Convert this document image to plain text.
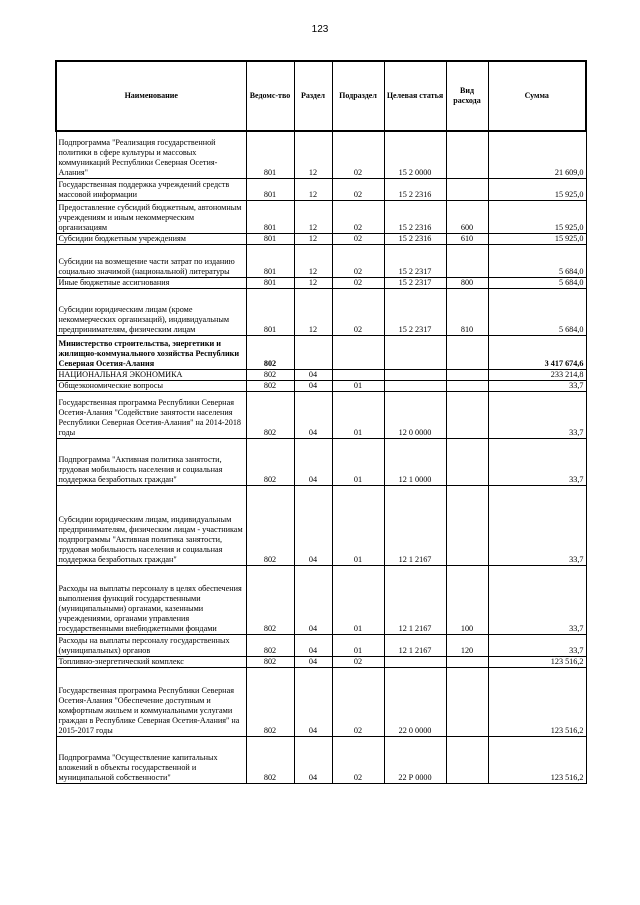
123
Наименование	Ведомс-тво	Раздел	Подраздел	Целевая статья	Вид расхода	Сумма
Подпрограмма "Реализация государственной политики в сфере культуры и массовых коммуникаций Республики Северная Осетия-Алания"	801	12	02	15 2 0000		21 609,0
Государственная поддержка учреждений средств массовой информации	801	12	02	15 2 2316		15 925,0
Предоставление субсидий бюджетным, автономным учреждениям и иным некоммерческим организациям	801	12	02	15 2 2316	600	15 925,0
Субсидии бюджетным учреждениям	801	12	02	15 2 2316	610	15 925,0
Субсидии на возмещение части затрат по изданию социально значимой (национальной) литературы	801	12	02	15 2 2317		5 684,0
Иные бюджетные ассигнования	801	12	02	15 2 2317	800	5 684,0
Субсидии юридическим лицам (кроме некоммерческих организаций), индивидуальным предпринимателям, физическим лицам	801	12	02	15 2 2317	810	5 684,0
Министерство строительства, энергетики и жилищно-коммунального хозяйства Республики Северная Осетия-Алания	802					3 417 674,6
НАЦИОНАЛЬНАЯ ЭКОНОМИКА	802	04				233 214,8
Общеэкономические вопросы	802	04	01			33,7
Государственная программа Республики Северная Осетия-Алания "Содействие занятости населения Республики Северная Осетия-Алания" на 2014-2018 годы	802	04	01	12 0 0000		33,7
Подпрограмма "Активная политика занятости, трудовая мобильность населения и социальная поддержка безработных граждан"	802	04	01	12 1 0000		33,7
Субсидии юридическим лицам, индивидуальным предпринимателям, физическим лицам - участникам подпрограммы "Активная политика занятости, трудовая мобильность населения и социальная поддержка безработных граждан"	802	04	01	12 1 2167		33,7
Расходы на выплаты персоналу в целях обеспечения выполнения функций государственными (муниципальными) органами, казенными учреждениями, органами управления государственными внебюджетными фондами	802	04	01	12 1 2167	100	33,7
Расходы на выплаты персоналу государственных (муниципальных) органов	802	04	01	12 1 2167	120	33,7
Топливно-энергетический комплекс	802	04	02			123 516,2
Государственная программа Республики Северная Осетия-Алания "Обеспечение доступным и комфортным жильем и коммунальными услугами граждан в Республике Северная Осетия-Алания" на 2015-2017 годы	802	04	02	22 0 0000		123 516,2
Подпрограмма "Осуществление капитальных вложений в объекты государственной и муниципальной собственности"	802	04	02	22 Р 0000		123 516,2
